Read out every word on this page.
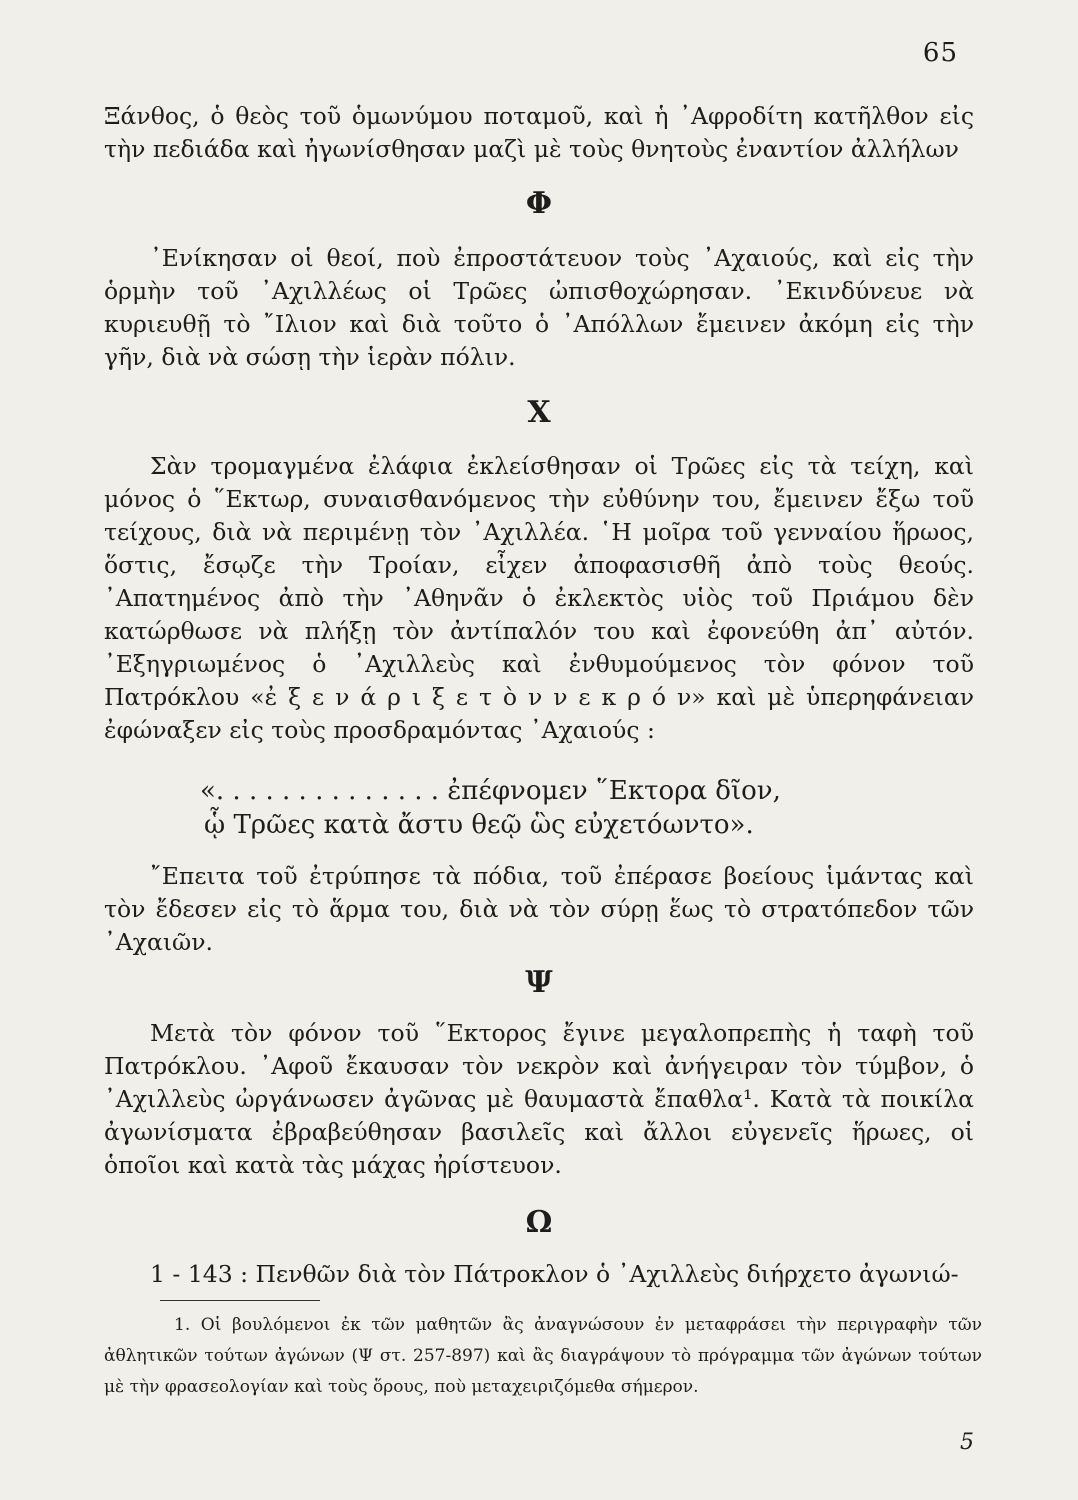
65

Ξάνθος, ὁ θεὸς τοῦ ὁμωνύμου ποταμοῦ, καὶ ἡ ᾿Αφροδίτη κατῆλθον εἰς τὴν πεδιάδα καὶ ἠγωνίσθησαν μαζὶ μὲ τοὺς θνητοὺς ἐναντίον ἀλλήλων

Φ

᾿Ενίκησαν οἱ θεοί, ποὺ ἐπροστάτευον τοὺς ᾿Αχαιούς, καὶ εἰς τὴν ὁρμὴν τοῦ ᾿Αχιλλέως οἱ Τρῶες ὠπισθοχώρησαν. ᾿Εκινδύνευε νὰ κυριευθῇ τὸ ῎Ιλιον καὶ διὰ τοῦτο ὁ ᾿Απόλλων ἔμεινεν ἀκόμη εἰς τὴν γῆν, διὰ νὰ σώσῃ τὴν ἱερὰν πόλιν.

Χ

Σὰν τρομαγμένα ἐλάφια ἐκλείσθησαν οἱ Τρῶες εἰς τὰ τείχη, καὶ μόνος ὁ ῞Εκτωρ, συναισθανόμενος τὴν εὐθύνην του, ἔμεινεν ἔξω τοῦ τείχους, διὰ νὰ περιμένῃ τὸν ᾿Αχιλλέα. ῾Η μοῖρα τοῦ γενναίου ἥρωος, ὅστις, ἔσῳζε τὴν Τροίαν, εἶχεν ἀποφασισθῆ ἀπὸ τοὺς θεούς. ᾿Απατημένος ἀπὸ τὴν ᾿Αθηνᾶν ὁ ἐκλεκτὸς υἱὸς τοῦ Πριάμου δὲν κατώρθωσε νὰ πλήξῃ τὸν ἀντίπαλόν του καὶ ἐφονεύθη ἀπ᾿ αὐτόν. ᾿Εξηγριωμένος ὁ ᾿Αχιλλεὺς καὶ ἐνθυμούμενος τὸν φόνον τοῦ Πατρόκλου «ἐ ξ ε ν ά ρ ι ξ ε τ ὸ ν ν ε κ ρ ό ν» καὶ μὲ ὑπερηφάνειαν ἐφώναξεν εἰς τοὺς προσδραμόντας ᾿Αχαιούς :

«. . . . . . . . . . . . . . ἐπέφνομεν ῞Εκτορα δῖον,
ᾧ Τρῶες κατὰ ἄστυ θεῷ ὣς εὐχετόωντο».

῎Επειτα τοῦ ἐτρύπησε τὰ πόδια, τοῦ ἐπέρασε βοείους ἱμάντας καὶ τὸν ἔδεσεν εἰς τὸ ἅρμα του, διὰ νὰ τὸν σύρῃ ἕως τὸ στρατόπεδον τῶν ᾿Αχαιῶν.

Ψ

Μετὰ τὸν φόνον τοῦ ῞Εκτορος ἔγινε μεγαλοπρεπὴς ἡ ταφὴ τοῦ Πατρόκλου. ᾿Αφοῦ ἔκαυσαν τὸν νεκρὸν καὶ ἀνήγειραν τὸν τύμβον, ὁ ᾿Αχιλλεὺς ὠργάνωσεν ἀγῶνας μὲ θαυμαστὰ ἔπαθλα¹. Κατὰ τὰ ποικίλα ἀγωνίσματα ἐβραβεύθησαν βασιλεῖς καὶ ἄλλοι εὐγενεῖς ἥρωες, οἱ ὁποῖοι καὶ κατὰ τὰς μάχας ἠρίστευον.

Ω

1 - 143 : Πενθῶν διὰ τὸν Πάτροκλον ὁ ᾿Αχιλλεὺς διήρχετο ἀγωνιώ-

1. Οἱ βουλόμενοι ἐκ τῶν μαθητῶν ἂς ἀναγνώσουν ἐν μεταφράσει τὴν περιγραφὴν τῶν ἀθλητικῶν τούτων ἀγώνων (Ψ στ. 257-897) καὶ ἂς διαγράψουν τὸ πρόγραμμα τῶν ἀγώνων τούτων μὲ τὴν φρασεολογίαν καὶ τοὺς ὅρους, ποὺ μεταχειριζόμεθα σήμερον.

5
